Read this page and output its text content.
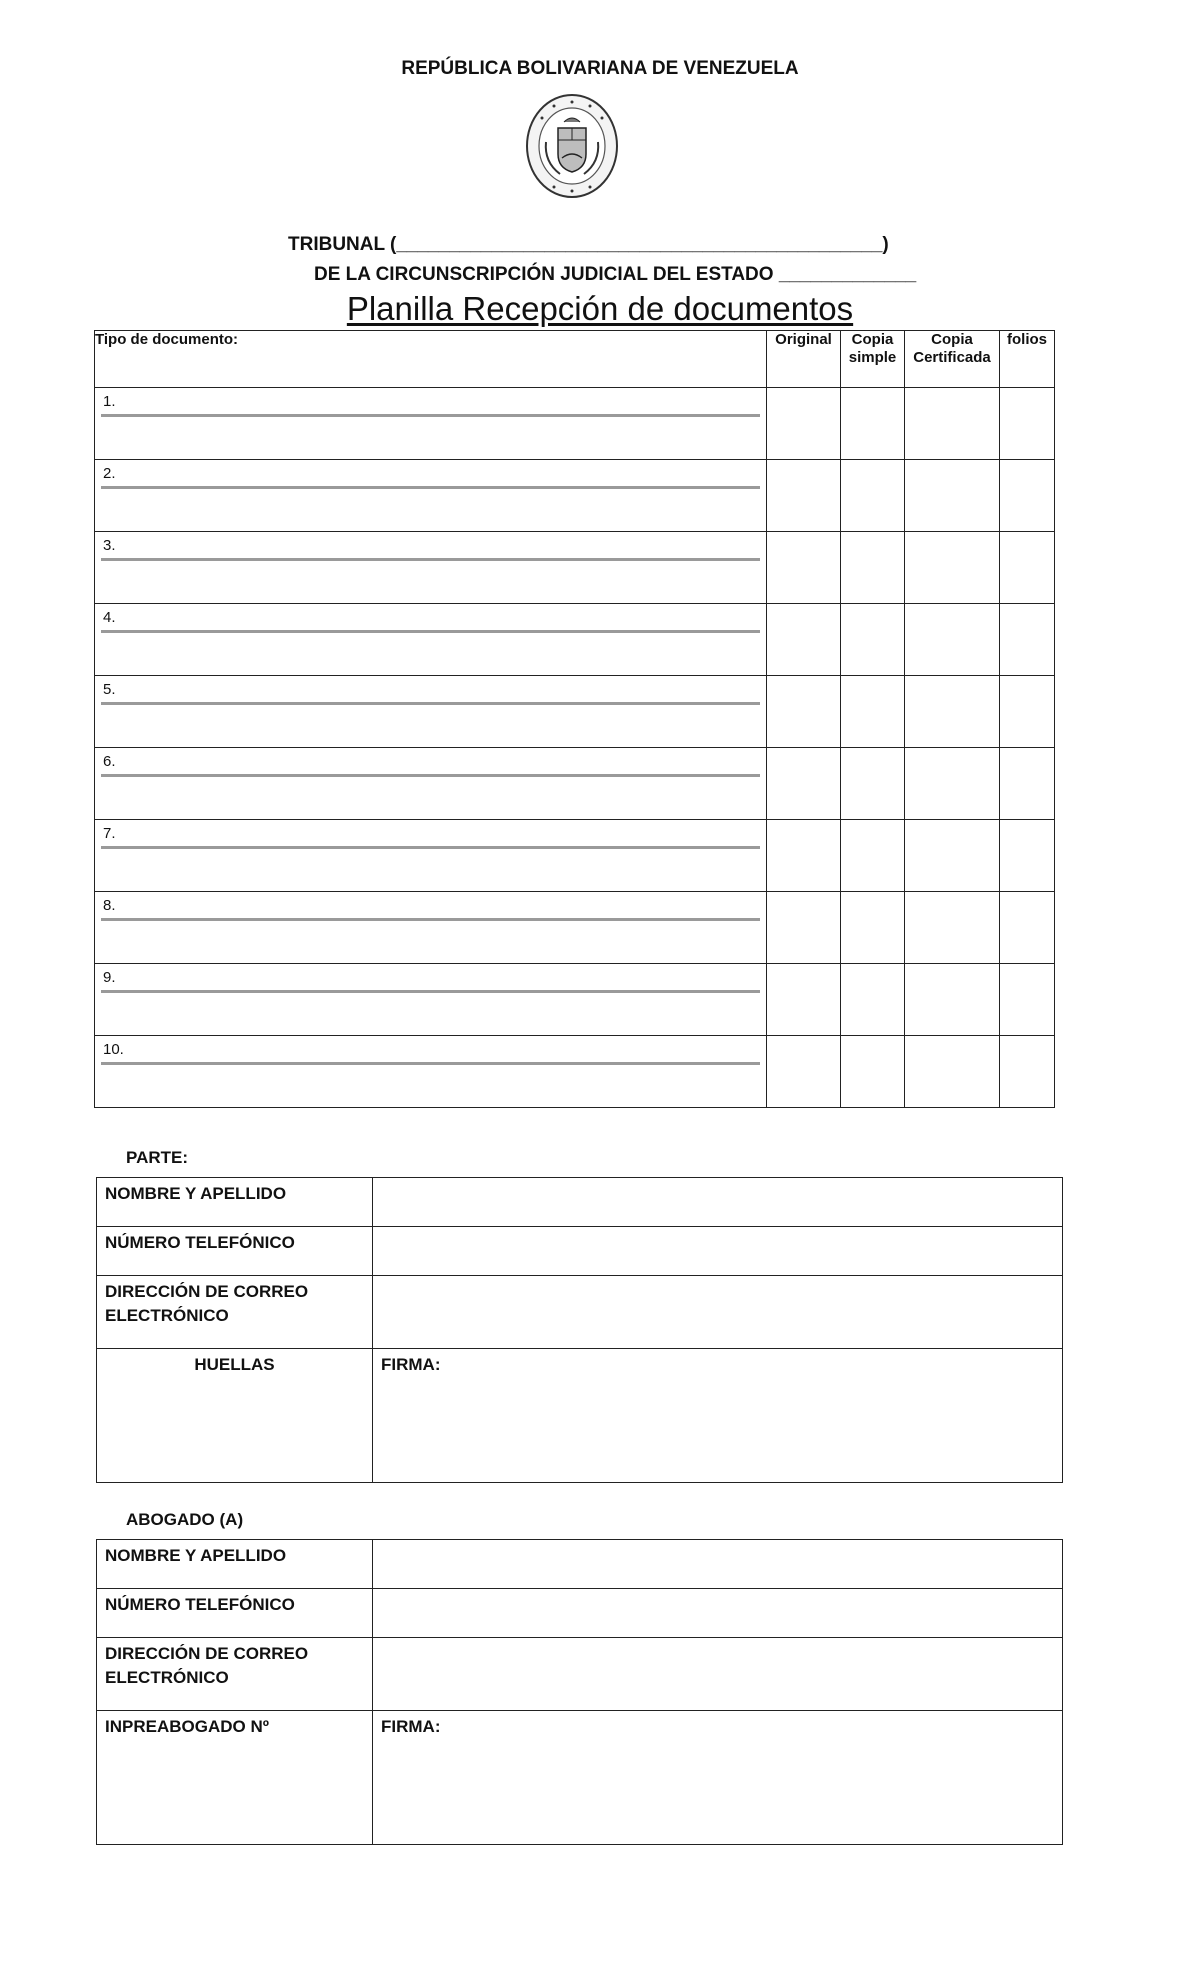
REPÚBLICA BOLIVARIANA DE VENEZUELA
TRIBUNAL (______________________________________________)
DE LA CIRCUNSCRIPCIÓN JUDICIAL DEL ESTADO _____________
Planilla Recepción de documentos
Tipo de documento:	Original	Copia simple	Copia Certificada	folios

1.				

2.				

3.				

4.				

5.				

6.				

7.				

8.				

9.				

10.				

PARTE:
NOMBRE Y APELLIDO	
NÚMERO TELEFÓNICO	
DIRECCIÓN DE CORREO ELECTRÓNICO	
HUELLAS	FIRMA:
ABOGADO (A)
NOMBRE Y APELLIDO	
NÚMERO TELEFÓNICO	
DIRECCIÓN DE CORREO ELECTRÓNICO	
INPREABOGADO Nº	FIRMA:
